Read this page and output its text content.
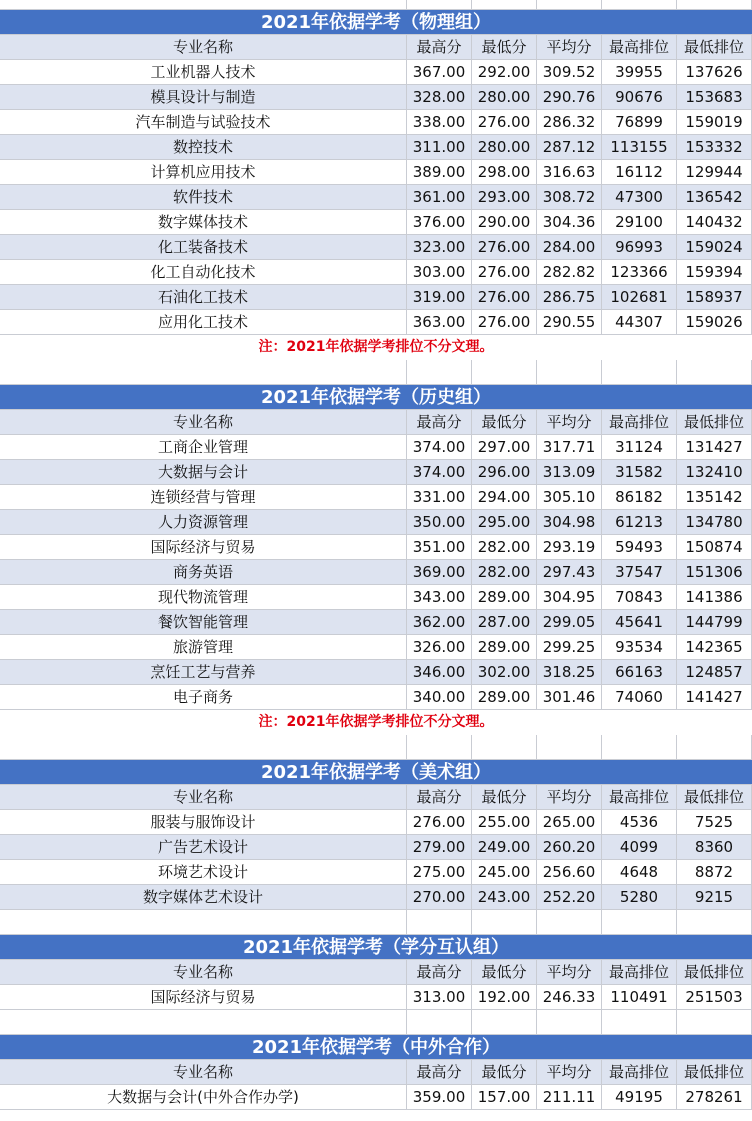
2021年依据学考（物理组）
专业名称	最高分	最低分	平均分	最高排位 最低排位
工业机器人技术	367.00 292.00 309.52	39955	137626
模具设计与制造	328.00 280.00 290.76	90676	153683
汽车制造与试验技术	338.00 276.00 286.32	76899	159019
数控技术	311.00 280.00 287.12	113155	153332
计算机应用技术	389.00 298.00 316.63	16112	129944
软件技术	361.00 293.00 308.72	47300	136542
数字媒体技术	376.00 290.00 304.36	29100	140432
化工装备技术	323.00 276.00 284.00	96993	159024
化工自动化技术	303.00 276.00 282.82	123366	159394
石油化工技术	319.00 276.00 286.75	102681	158937
应用化工技术	363.00 276.00 290.55	44307	159026
注：2021年依据学考排位不分文理。
2021年依据学考（历史组）
专业名称	最高分	最低分	平均分	最高排位 最低排位
工商企业管理	374.00 297.00 317.71	31124	131427
大数据与会计	374.00 296.00 313.09	31582	132410
连锁经营与管理	331.00 294.00 305.10	86182	135142
人力资源管理	350.00 295.00 304.98	61213	134780
国际经济与贸易	351.00 282.00 293.19	59493	150874
商务英语	369.00 282.00 297.43	37547	151306
现代物流管理	343.00 289.00 304.95	70843	141386
餐饮智能管理	362.00 287.00 299.05	45641	144799
旅游管理	326.00 289.00 299.25	93534	142365
烹饪工艺与营养	346.00 302.00 318.25	66163	124857
电子商务	340.00 289.00 301.46	74060	141427
注：2021年依据学考排位不分文理。
2021年依据学考（美术组）
专业名称	最高分	最低分	平均分	最高排位 最低排位
服装与服饰设计	276.00 255.00 265.00	4536	7525
广告艺术设计	279.00 249.00 260.20	4099	8360
环境艺术设计	275.00 245.00 256.60	4648	8872
数字媒体艺术设计	270.00 243.00 252.20	5280	9215
2021年依据学考（学分互认组）
专业名称	最高分	最低分	平均分	最高排位 最低排位
国际经济与贸易	313.00 192.00 246.33	110491	251503
2021年依据学考（中外合作）
专业名称	最高分	最低分	平均分	最高排位 最低排位
大数据与会计(中外合作办学)	359.00 157.00 211.11	49195	278261
